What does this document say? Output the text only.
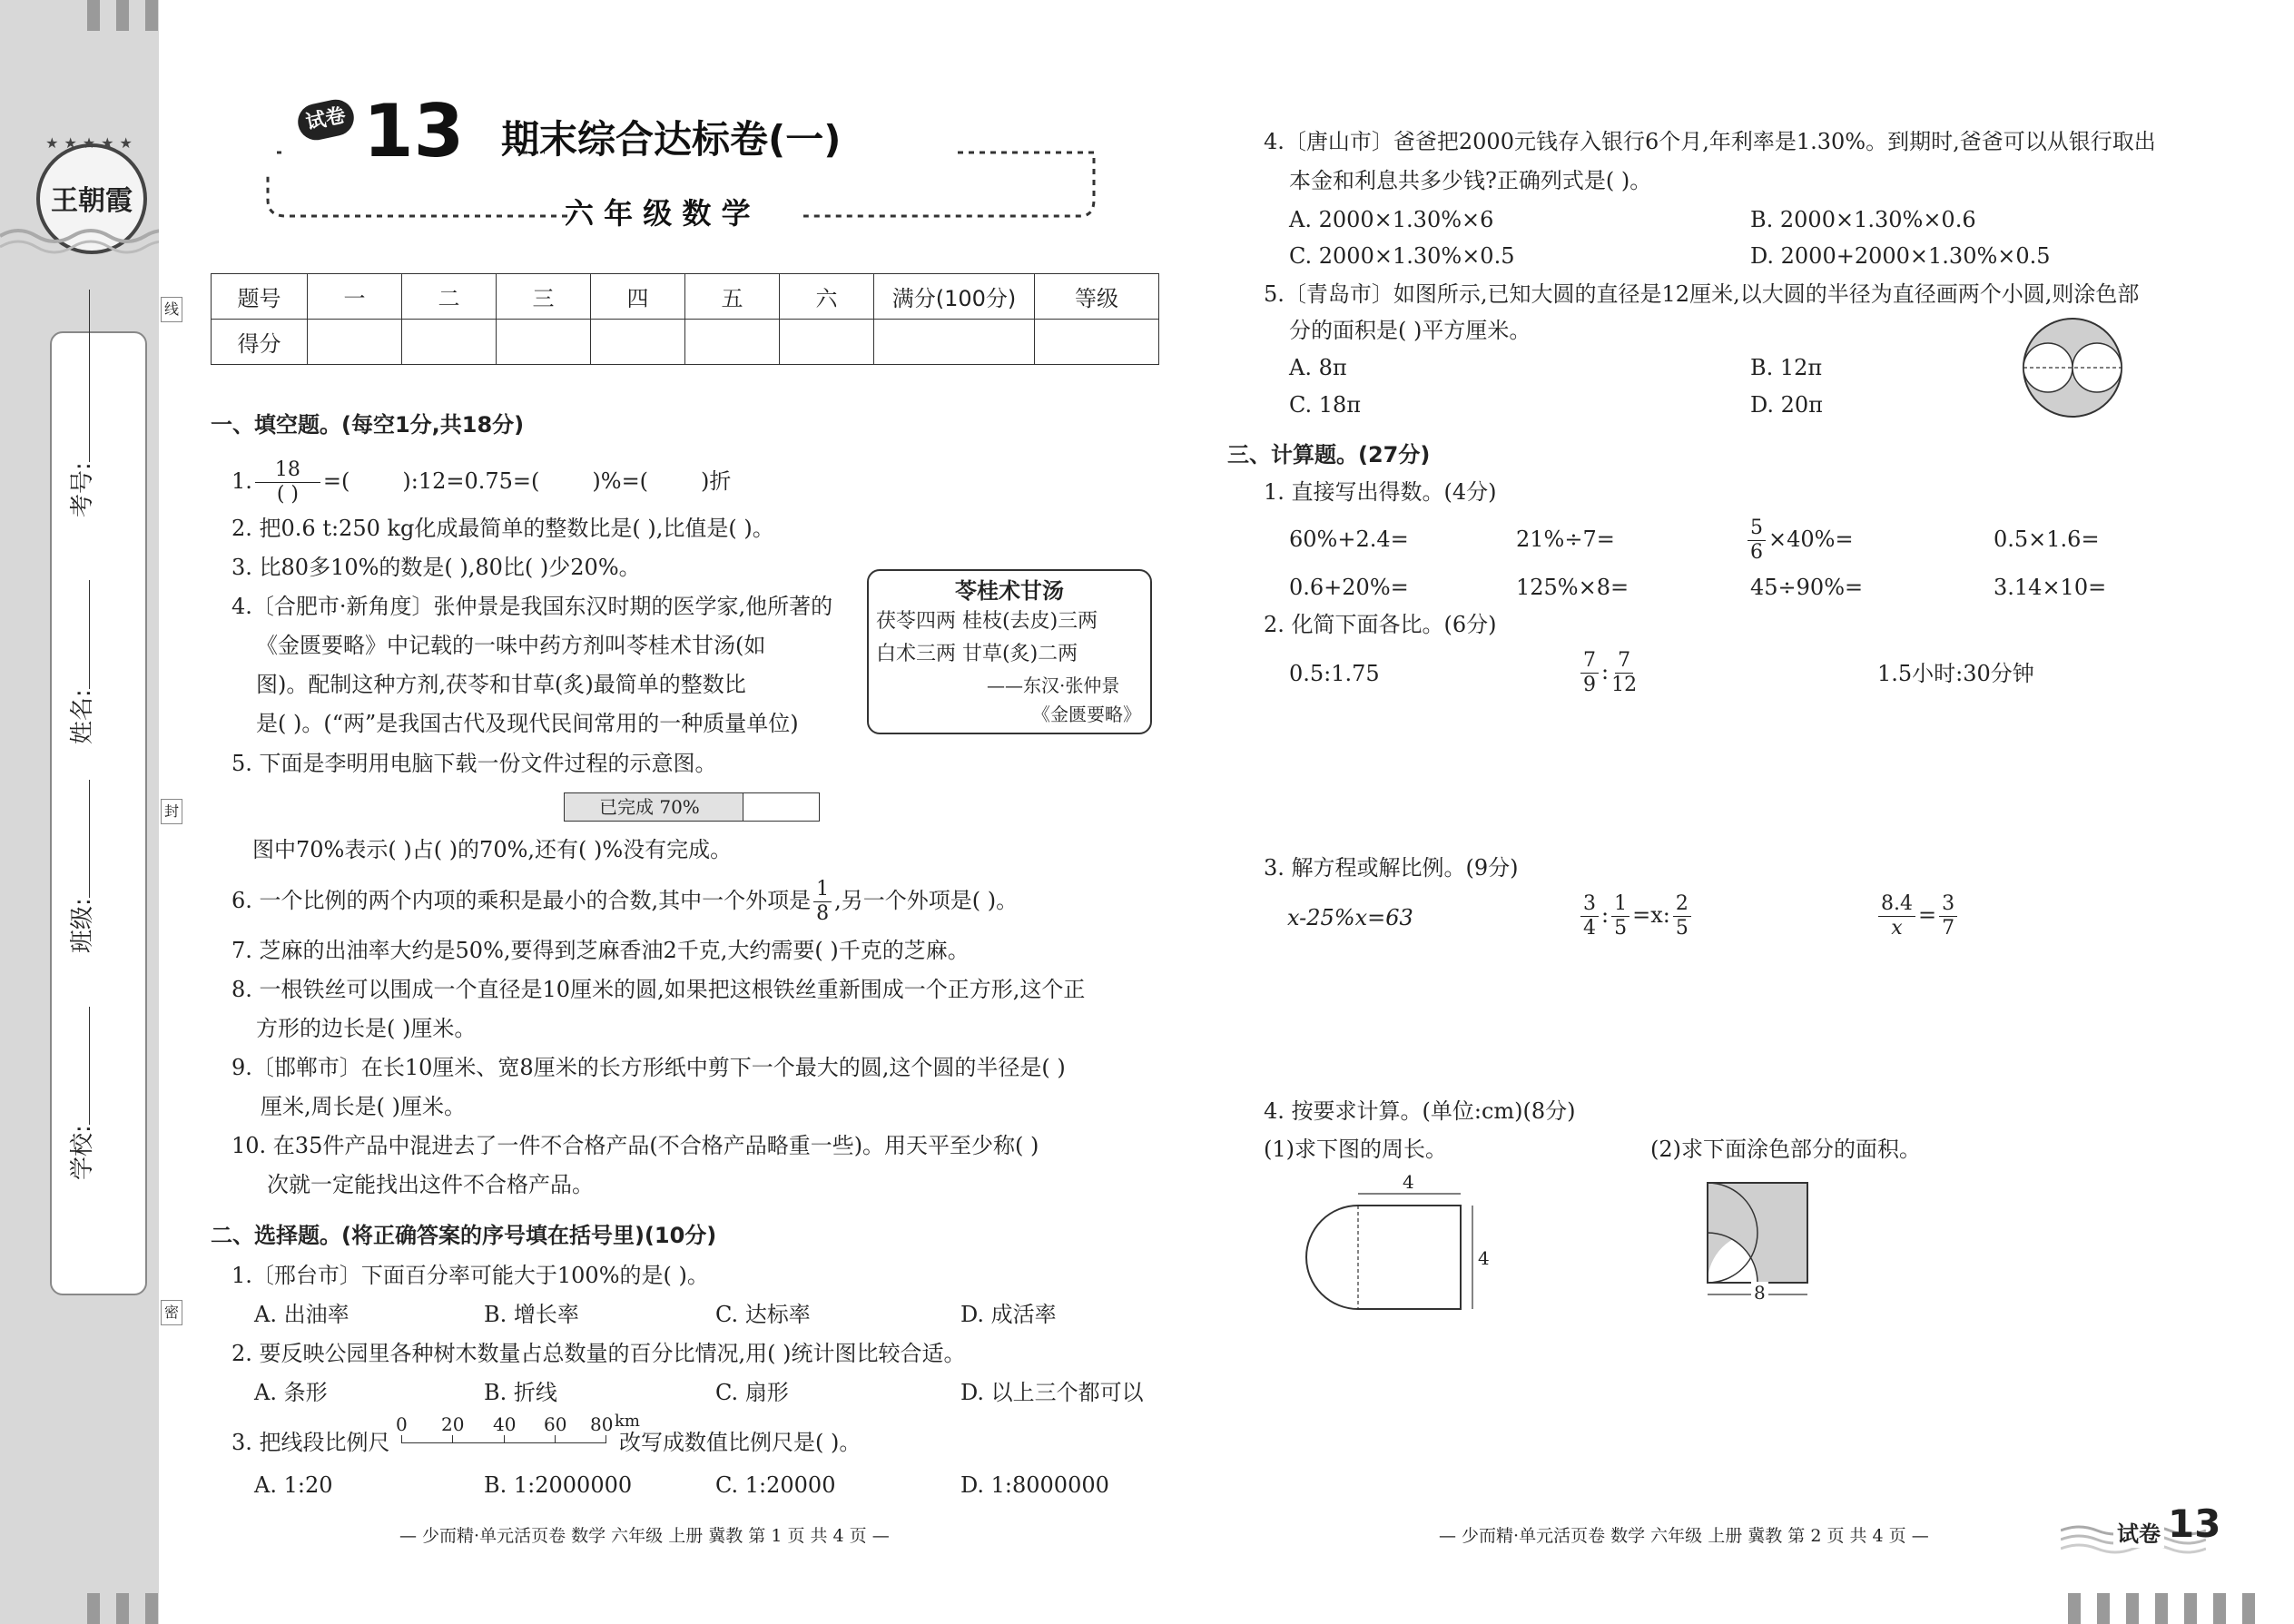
学校:
班级:
姓名:
考号:
线
封
密
★★★★★
王朝霞
试卷 13 期末综合达标卷(一)
六 年 级 数 学
题号	一	二	三	四	五	六	满分(100分)	等级
得分								
一、填空题。(每空1分,共18分)
1. $\frac{18}{( )}$ =( ):12=0.75=( )%=( )折
2. 把0.6 t:250 kg化成最简单的整数比是( ),比值是( )。
3. 比80多10%的数是( ),80比( )少20%。
4.〔合肥市·新角度〕张仲景是我国东汉时期的医学家,他所著的
《金匮要略》中记载的一味中药方剂叫苓桂术甘汤(如
图)。配制这种方剂,茯苓和甘草(炙)最简单的整数比
是( )。(“两”是我国古代及现代民间常用的一种质量单位)
苓桂术甘汤
茯苓四两 桂枝(去皮)三两
白术三两 甘草(炙)二两
——东汉·张仲景
《金匮要略》
5. 下面是李明用电脑下载一份文件过程的示意图。
已完成 70%
图中70%表示( )占( )的70%,还有( )%没有完成。
6. 一个比例的两个内项的乘积是最小的合数,其中一个外项是 $\frac{1}{8}$ ,另一个外项是( )。
7. 芝麻的出油率大约是50%,要得到芝麻香油2千克,大约需要( )千克的芝麻。
8. 一根铁丝可以围成一个直径是10厘米的圆,如果把这根铁丝重新围成一个正方形,这个正
方形的边长是( )厘米。
9.〔邯郸市〕在长10厘米、宽8厘米的长方形纸中剪下一个最大的圆,这个圆的半径是( )
厘米,周长是( )厘米。
10. 在35件产品中混进去了一件不合格产品(不合格产品略重一些)。用天平至少称( )
次就一定能找出这件不合格产品。
二、选择题。(将正确答案的序号填在括号里)(10分)
1.〔邢台市〕下面百分率可能大于100%的是( )。
A. 出油率	B. 增长率	C. 达标率	D. 成活率
2. 要反映公园里各种树木数量占总数量的百分比情况,用( )统计图比较合适。
A. 条形	B. 折线	C. 扇形	D. 以上三个都可以
3. 把线段比例尺
0 20 40 60 80 km
改写成数值比例尺是( )。
A. 1:20	B. 1:2000000	C. 1:20000	D. 1:8000000
— 少而精·单元活页卷 数学 六年级 上册 冀教 第 1 页 共 4 页 —
4.〔唐山市〕爸爸把2000元钱存入银行6个月,年利率是1.30%。到期时,爸爸可以从银行取出
本金和利息共多少钱?正确列式是( )。
A. 2000×1.30%×6	B. 2000×1.30%×0.6
C. 2000×1.30%×0.5	D. 2000+2000×1.30%×0.5
5.〔青岛市〕如图所示,已知大圆的直径是12厘米,以大圆的半径为直径画两个小圆,则涂色部
分的面积是( )平方厘米。
A. 8π	B. 12π
C. 18π	D. 20π
三、计算题。(27分)
1. 直接写出得数。(4分)
60%+2.4=	21%÷7=	$\frac{5}{6} \times 40\%=$	0.5×1.6=
0.6+20%=	125%×8=	45÷90%=	3.14×10=
2. 化简下面各比。(6分)
0.5:1.75	$\frac{7}{9}$ : $\frac{7}{12}$	1.5小时:30分钟
3. 解方程或解比例。(9分)
x-25%x=63	$\frac{3}{4}$ : $\frac{1}{5} =x$: $\frac{2}{5}$	$\frac{8.4}{x} = \frac{3}{7}$
4. 按要求计算。(单位:cm)(8分)
(1)求下图的周长。	(2)求下面涂色部分的面积。
4
4
8
— 少而精·单元活页卷 数学 六年级 上册 冀教 第 2 页 共 4 页 —	试卷 13
